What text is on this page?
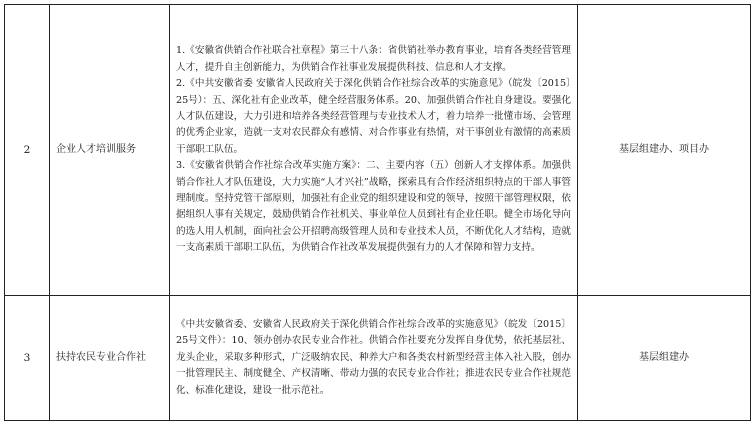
2	企业人才培训服务	1.《安徽省供销合作社联合社章程》第三十八条：省供销社举办教育事业，培育各类经营管理人才，提升自主创新能力，为供销合作社事业发展提供科技、信息和人才支撑。

2.《中共安徽省委 安徽省人民政府关于深化供销合作社综合改革的实施意见》（皖发〔2015〕25号）：五、深化社有企业改革，健全经营服务体系。20、加强供销合作社自身建设。要强化人才队伍建设，大力引进和培养各类经营管理与专业技术人才，着力培养一批懂市场、会管理的优秀企业家，造就一支对农民群众有感情、对合作事业有热情，对干事创业有激情的高素质干部职工队伍。

3.《安徽省供销合作社综合改革实施方案》：二、主要内容（五）创新人才支撑体系。加强供销合作社人才队伍建设，大力实施“人才兴社”战略，探索具有合作经济组织特点的干部人事管理制度。坚持党管干部原则，加强社有企业党的组织建设和党的领导，按照干部管理权限，依据组织人事有关规定，鼓励供销合作社机关、事业单位人员到社有企业任职。健全市场化导向的选人用人机制，面向社会公开招聘高级管理人员和专业技术人员，不断优化人才结构，造就一支高素质干部职工队伍，为供销合作社改革发展提供强有力的人才保障和智力支持。	基层组建办、项目办
3	扶持农民专业合作社	《中共安徽省委、安徽省人民政府关于深化供销合作社综合改革的实施意见》（皖发〔2015〕25号文件）：10、领办创办农民专业合作社。供销合作社要充分发挥自身优势，依托基层社、龙头企业，采取多种形式，广泛吸纳农民、种养大户和各类农村新型经营主体入社入股，创办一批管理民主、制度健全、产权清晰、带动力强的农民专业合作社；推进农民专业合作社规范化、标准化建设，建设一批示范社。	基层组建办
